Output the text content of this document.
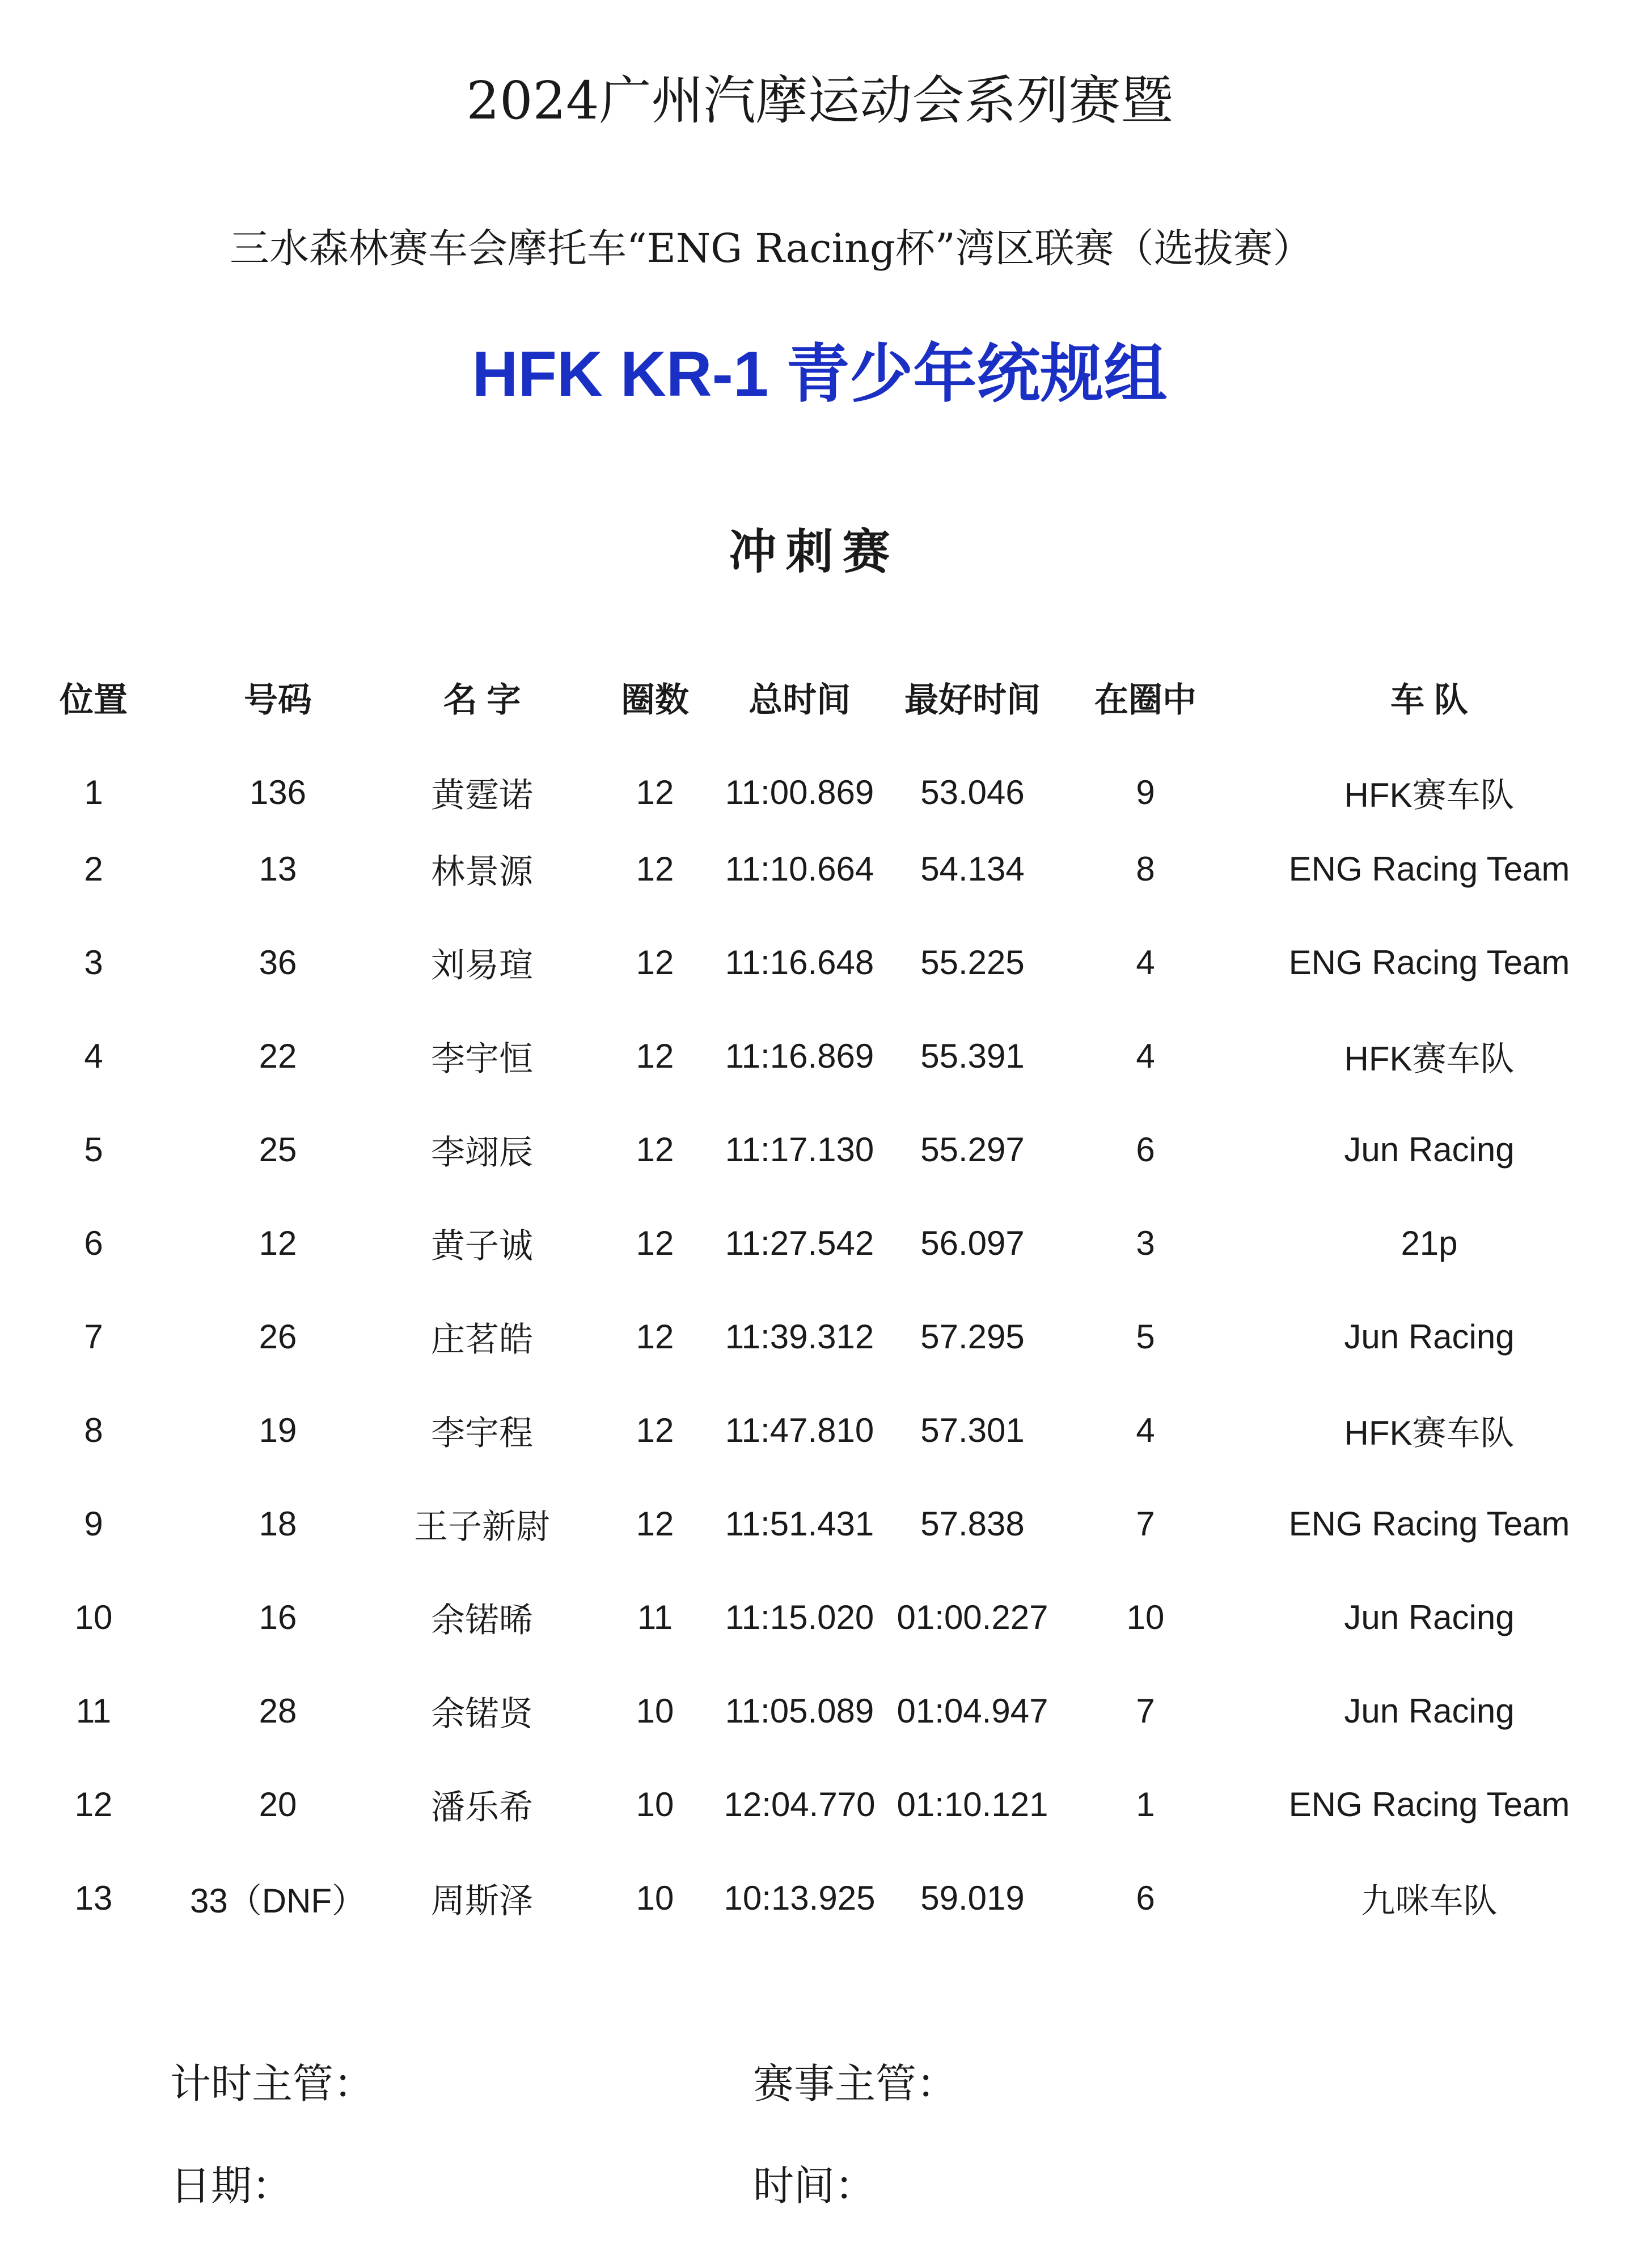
2024广州汽摩运动会系列赛暨
三水森林赛车会摩托车“ENG Racing杯”湾区联赛（选拔赛）
HFK KR-1 青少年统规组
冲刺赛
位置	号码	名 字	圈数	总时间	最好时间	在圈中	车 队
1	136	黄霆诺	12	11:00.869	53.046	9	HFK赛车队
2	13	林景源	12	11:10.664	54.134	8	ENG Racing Team
3	36	刘易瑄	12	11:16.648	55.225	4	ENG Racing Team
4	22	李宇恒	12	11:16.869	55.391	4	HFK赛车队
5	25	李翊辰	12	11:17.130	55.297	6	Jun Racing
6	12	黄子诚	12	11:27.542	56.097	3	21p
7	26	庄茗皓	12	11:39.312	57.295	5	Jun Racing
8	19	李宇程	12	11:47.810	57.301	4	HFK赛车队
9	18	王子新尉	12	11:51.431	57.838	7	ENG Racing Team
10	16	余锘晞	11	11:15.020	01:00.227	10	Jun Racing
11	28	余锘贤	10	11:05.089	01:04.947	7	Jun Racing
12	20	潘乐希	10	12:04.770	01:10.121	1	ENG Racing Team
13	33（DNF）	周斯泽	10	10:13.925	59.019	6	九咪车队
计时主管：	赛事主管：
日期：	时间：
